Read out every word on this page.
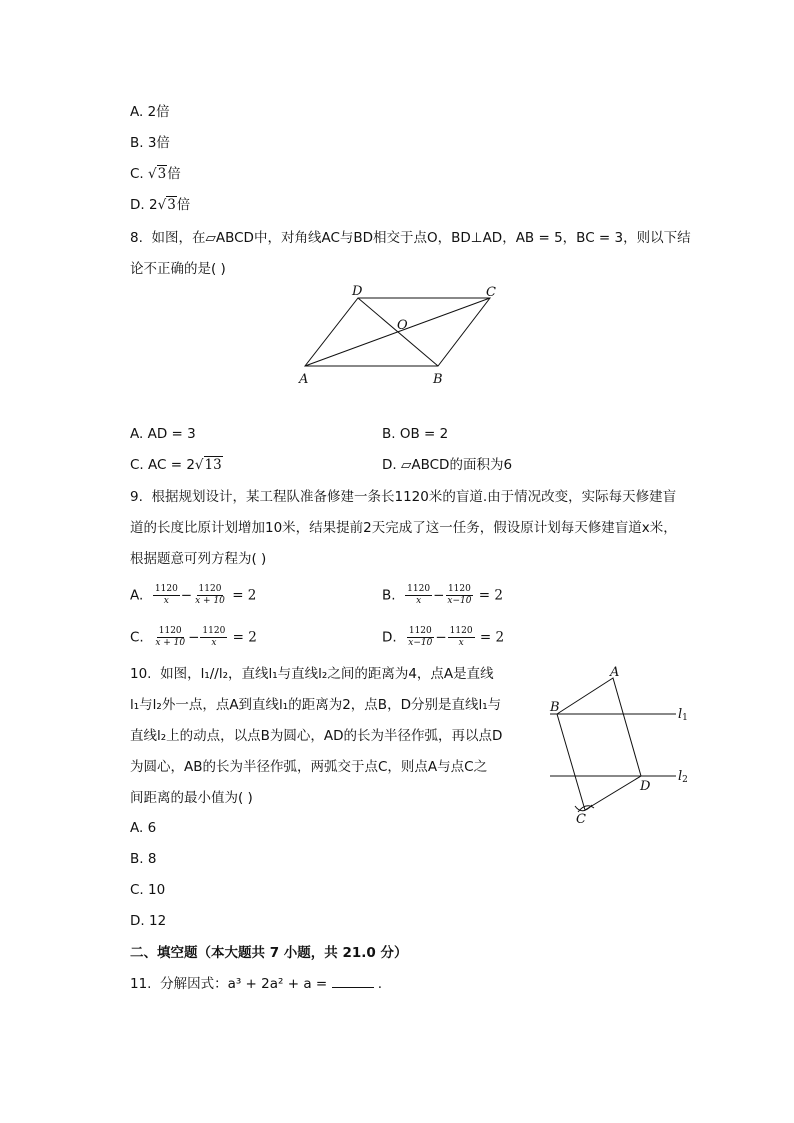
A. 2倍
B. 3倍
C. √3倍
D. 2√3倍
8. 如图，在▱ABCD中，对角线AC与BD相交于点O，BD⊥AD，AB = 5，BC = 3，则以下结
论不正确的是( )
D	C
O
A	B
A. AD = 3	B. OB = 2
C. AC = 2√13	D. ▱ABCD的面积为6
9. 根据规划设计，某工程队准备修建一条长1120米的盲道.由于情况改变，实际每天修建盲
道的长度比原计划增加10米，结果提前2天完成了这一任务，假设原计划每天修建盲道x米，
根据题意可列方程为( )
A. $\frac{1120}{x} - \frac{1120}{x + 10} = 2$	B. $\frac{1120}{x} - \frac{1120}{x-10} = 2$
C. $\frac{1120}{x + 10} - \frac{1120}{x} = 2$	D. $\frac{1120}{x-10} - \frac{1120}{x} = 2$
10. 如图，l₁//l₂，直线l₁与直线l₂之间的距离为4，点A是直线
l₁与l₂外一点，点A到直线l₁的距离为2，点B，D分别是直线l₁与
直线l₂上的动点，以点B为圆心，AD的长为半径作弧，再以点D
为圆心，AB的长为半径作弧，两弧交于点C，则点A与点C之
间距离的最小值为( )
A
B
D
C
l1
l2
A. 6
B. 8
C. 10
D. 12
二、填空题（本大题共 7 小题，共 21.0 分）
11. 分解因式：a³ + 2a² + a =	.
